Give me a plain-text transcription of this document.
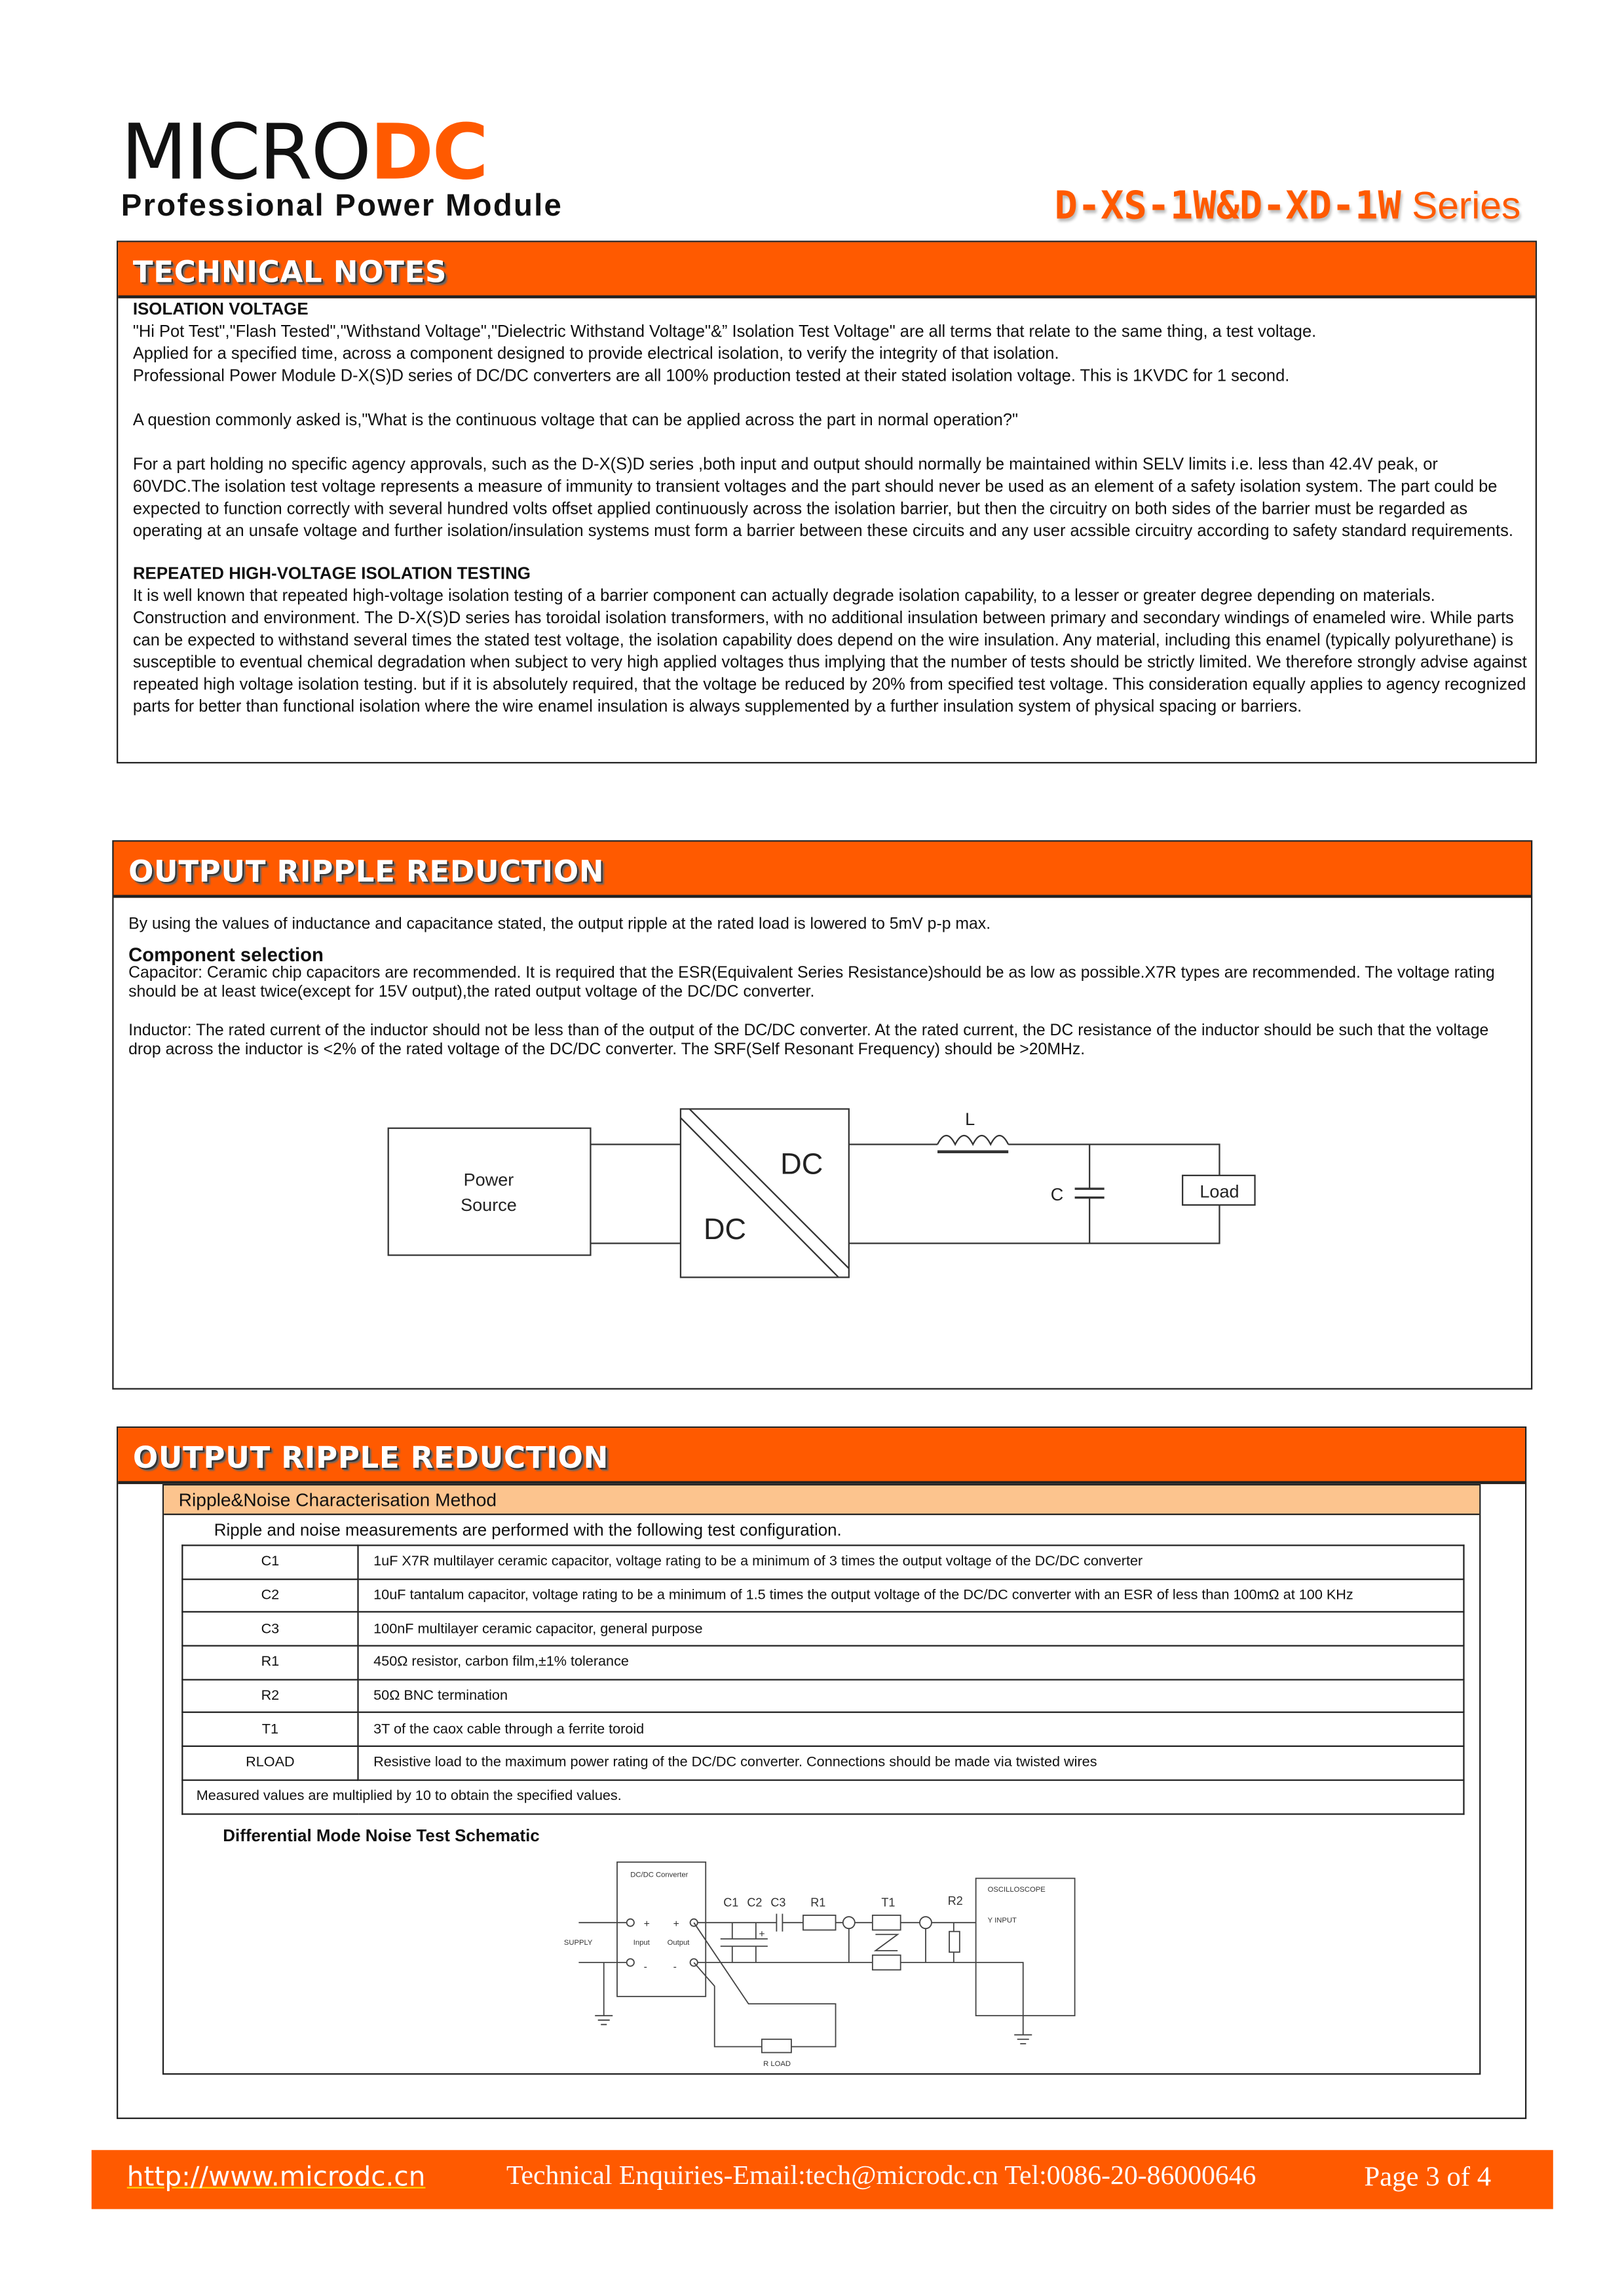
MICRODC
Professional Power Module	D-XS-1W&D-XD-1W Series
TECHNICAL NOTES

ISOLATION VOLTAGE

"Hi Pot Test","Flash Tested","Withstand Voltage","Dielectric Withstand Voltage"&” Isolation Test Voltage" are all terms that relate to the same thing, a test voltage.

Applied for a specified time, across a component designed to provide electrical isolation, to verify the integrity of that isolation.

Professional Power Module D-X(S)D series of DC/DC converters are all 100% production tested at their stated isolation voltage. This is 1KVDC for 1 second.

A question commonly asked is,"What is the continuous voltage that can be applied across the part in normal operation?"

For a part holding no specific agency approvals, such as the D-X(S)D series ,both input and output should normally be maintained within SELV limits i.e. less than 42.4V peak, or 60VDC.The isolation test voltage represents a measure of immunity to transient voltages and the part should never be used as an element of a safety isolation system. The part could be expected to function correctly with several hundred volts offset applied continuously across the isolation barrier, but then the circuitry on both sides of the barrier must be regarded as operating at an unsafe voltage and further isolation/insulation systems must form a barrier between these circuits and any user acssible circuitry according to safety standard requirements.

REPEATED HIGH-VOLTAGE ISOLATION TESTING

It is well known that repeated high-voltage isolation testing of a barrier component can actually degrade isolation capability, to a lesser or greater degree depending on materials. Construction and environment. The D-X(S)D series has toroidal isolation transformers, with no additional insulation between primary and secondary windings of enameled wire. While parts can be expected to withstand several times the stated test voltage, the isolation capability does depend on the wire insulation. Any material, including this enamel (typically polyurethane) is susceptible to eventual chemical degradation when subject to very high applied voltages thus implying that the number of tests should be strictly limited. We therefore strongly advise against repeated high voltage isolation testing. but if it is absolutely required, that the voltage be reduced by 20% from specified test voltage. This consideration equally applies to agency recognized parts for better than functional isolation where the wire enamel insulation is always supplemented by a further insulation system of physical spacing or barriers.

OUTPUT RIPPLE REDUCTION

By using the values of inductance and capacitance stated, the output ripple at the rated load is lowered to 5mV p-p max.

Component selection

Capacitor: Ceramic chip capacitors are recommended. It is required that the ESR(Equivalent Series Resistance)should be as low as possible.X7R types are recommended. The voltage rating should be at least twice(except for 15V output),the rated output voltage of the DC/DC converter.

Inductor: The rated current of the inductor should not be less than of the output of the DC/DC converter. At the rated current, the DC resistance of the inductor should be such that the voltage drop across the inductor is <2% of the rated voltage of the DC/DC converter. The SRF(Self Resonant Frequency) should be >20MHz.

Power
Source
DC
DC
L
C	Load
OUTPUT RIPPLE REDUCTION
Ripple&Noise Characterisation Method
Ripple and noise measurements are performed with the following test configuration.
C1	1uF X7R multilayer ceramic capacitor, voltage rating to be a minimum of 3 times the output voltage of the DC/DC converter
C2	10uF tantalum capacitor, voltage rating to be a minimum of 1.5 times the output voltage of the DC/DC converter with an ESR of less than 100mΩ at 100 KHz
C3	100nF multilayer ceramic capacitor, general purpose
R1	450Ω resistor, carbon film,±1% tolerance
R2	50Ω BNC termination
T1	3T of the caox cable through a ferrite toroid
RLOAD	Resistive load to the maximum power rating of the DC/DC converter. Connections should be made via twisted wires
Measured values are multiplied by 10 to obtain the specified values.	
Differential Mode Noise Test Schematic
DC/DC Converter
Input	Output
SUPPLY
+	+
-	-
+
C1 C2 C3	R1	T1	R2
OSCILLOSCOPE
Y INPUT
R LOAD
http://www.microdc.cn	Technical Enquiries-Email:tech@microdc.cn Tel:0086-20-86000646	Page 3 of 4
